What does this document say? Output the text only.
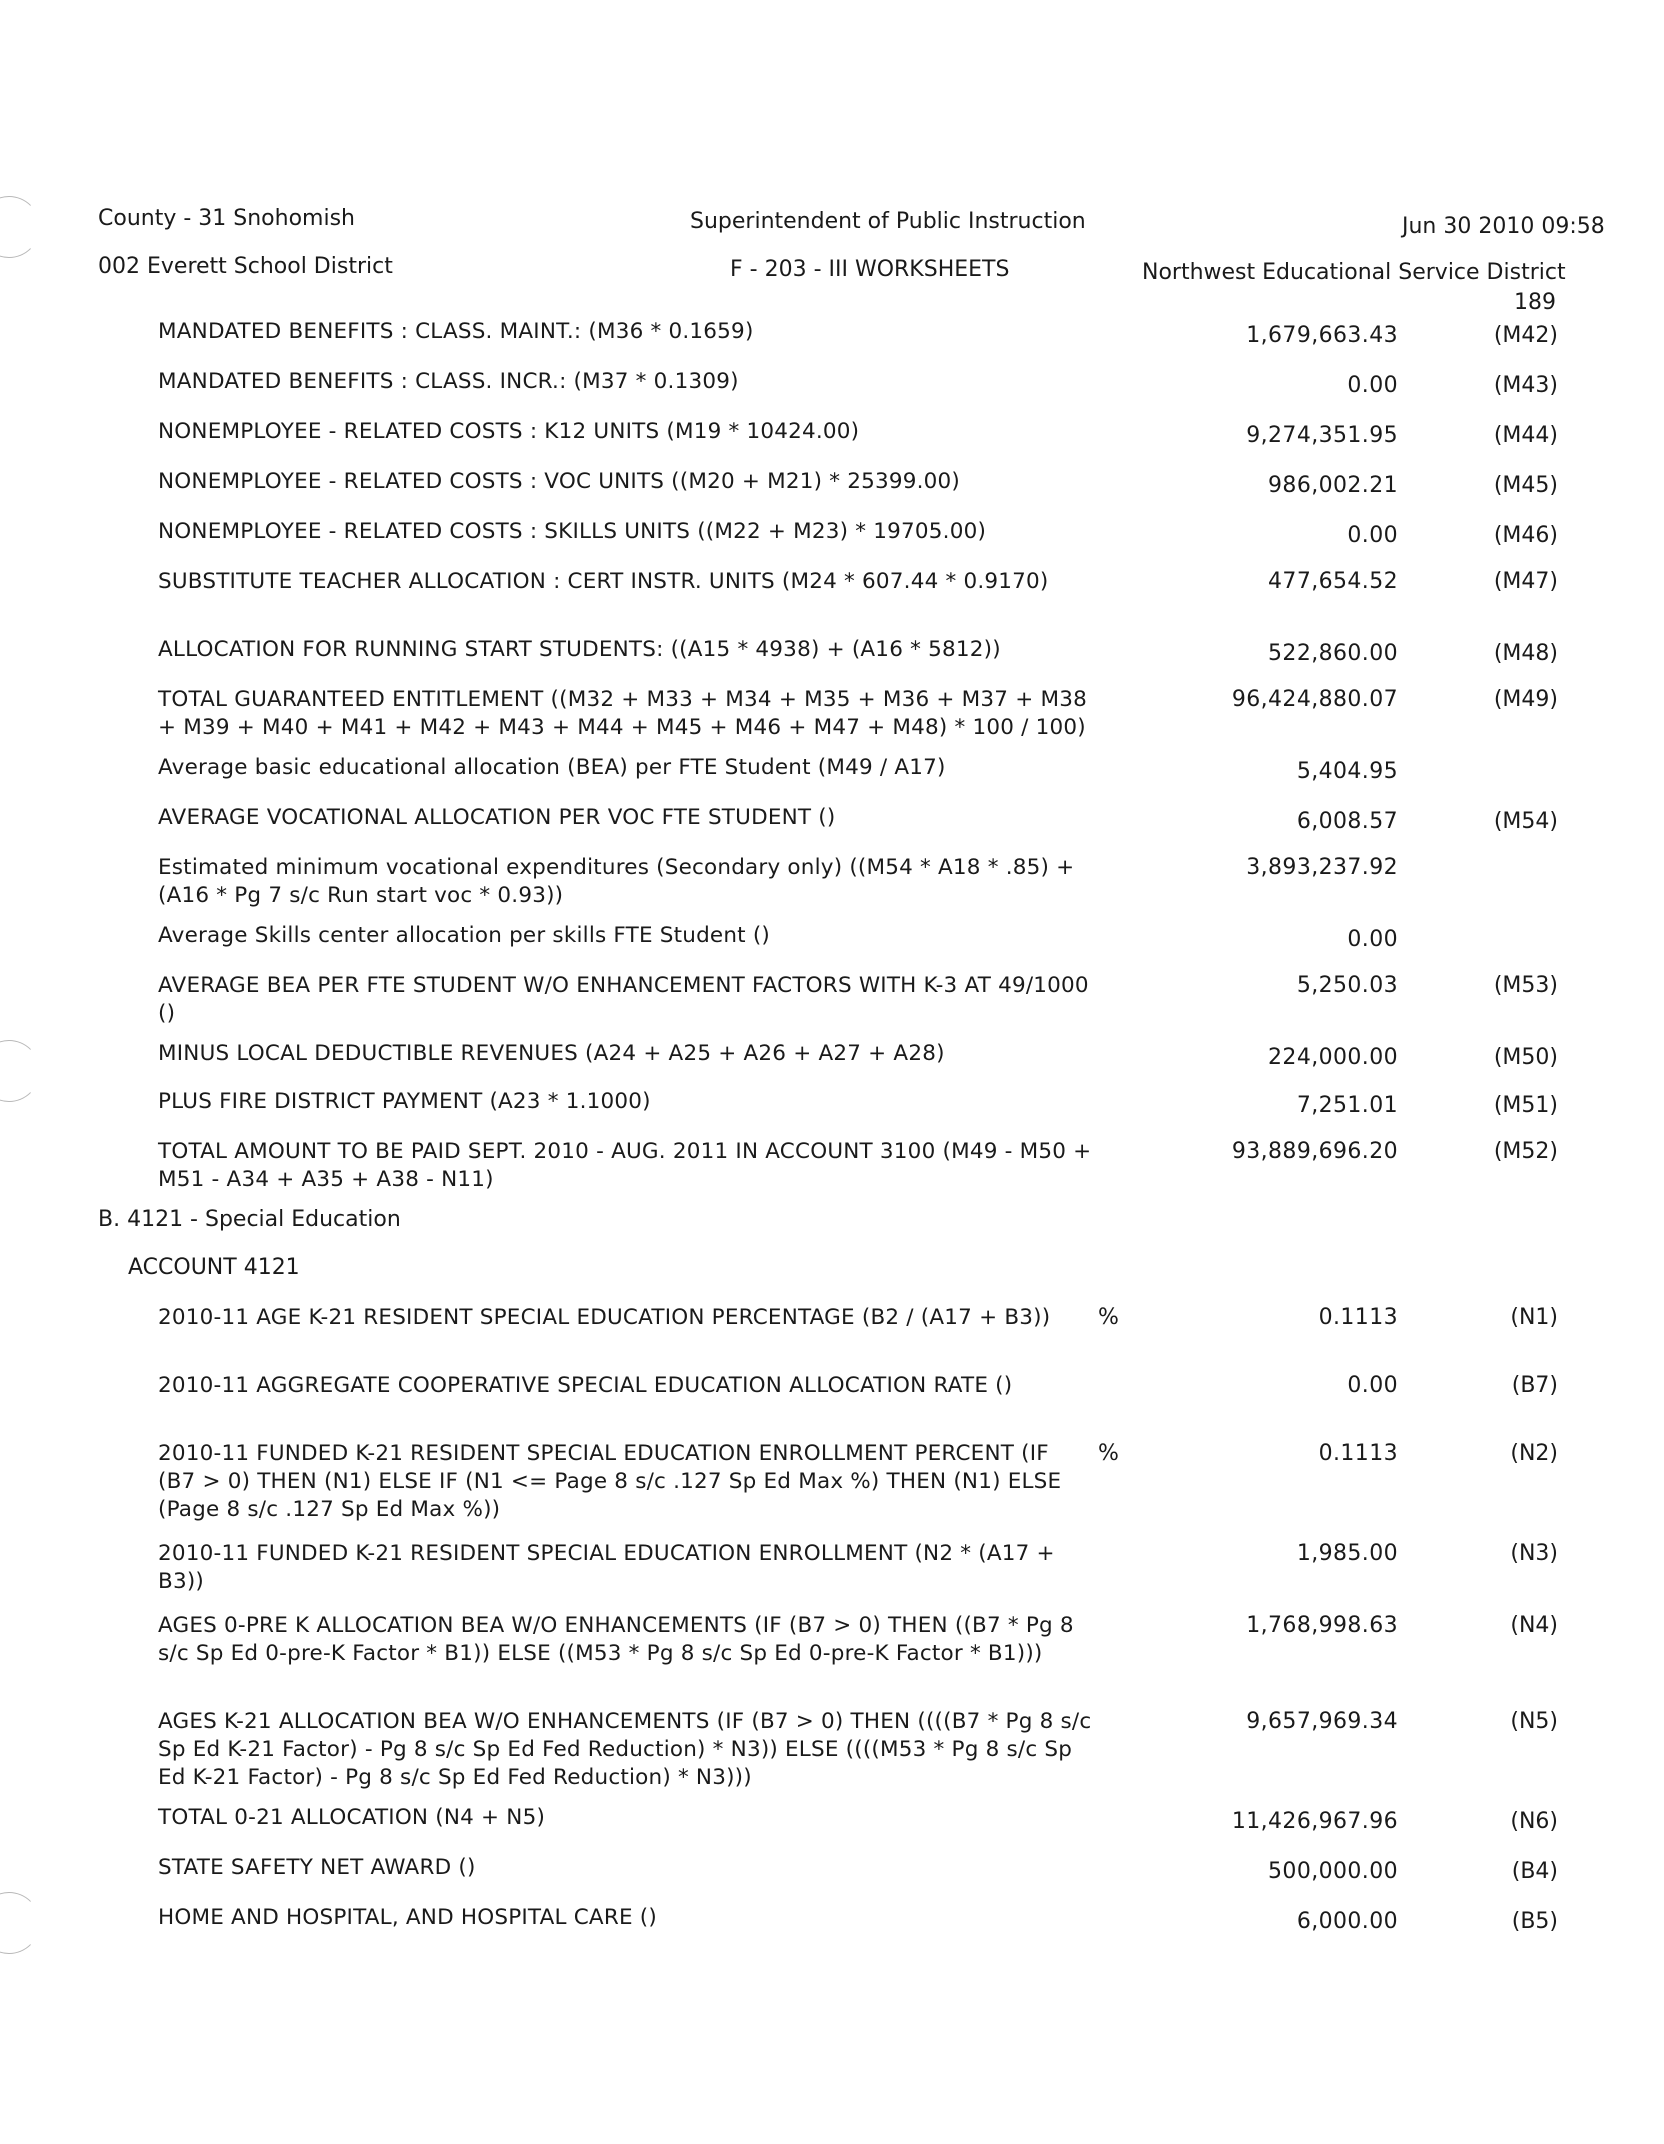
County - 31 Snohomish	Superintendent of Public Instruction	Jun 30 2010 09:58
002 Everett School District	F - 203 - III WORKSHEETS	Northwest Educational Service District
189
MANDATED BENEFITS : CLASS. MAINT.: (M36 * 0.1659)	1,679,663.43	(M42)
MANDATED BENEFITS : CLASS. INCR.: (M37 * 0.1309)	0.00	(M43)
NONEMPLOYEE - RELATED COSTS : K12 UNITS (M19 * 10424.00)	9,274,351.95	(M44)
NONEMPLOYEE - RELATED COSTS : VOC UNITS ((M20 + M21) * 25399.00)	986,002.21	(M45)
NONEMPLOYEE - RELATED COSTS : SKILLS UNITS ((M22 + M23) * 19705.00)	0.00	(M46)
SUBSTITUTE TEACHER ALLOCATION : CERT INSTR. UNITS (M24 * 607.44 * 0.9170)	477,654.52	(M47)
ALLOCATION FOR RUNNING START STUDENTS: ((A15 * 4938) + (A16 * 5812))	522,860.00	(M48)
TOTAL GUARANTEED ENTITLEMENT ((M32 + M33 + M34 + M35 + M36 + M37 + M38 + M39 + M40 + M41 + M42 + M43 + M44 + M45 + M46 + M47 + M48) * 100 / 100)
96,424,880.07	(M49)
Average basic educational allocation (BEA) per FTE Student (M49 / A17)	5,404.95
AVERAGE VOCATIONAL ALLOCATION PER VOC FTE STUDENT ()	6,008.57	(M54)
Estimated minimum vocational expenditures (Secondary only) ((M54 * A18 * .85) + (A16 * Pg 7 s/c Run start voc * 0.93))
3,893,237.92
Average Skills center allocation per skills FTE Student ()	0.00
AVERAGE BEA PER FTE STUDENT W/O ENHANCEMENT FACTORS WITH K-3 AT 49/1000 ()
5,250.03	(M53)
MINUS LOCAL DEDUCTIBLE REVENUES (A24 + A25 + A26 + A27 + A28)	224,000.00	(M50)
PLUS FIRE DISTRICT PAYMENT (A23 * 1.1000)	7,251.01	(M51)
TOTAL AMOUNT TO BE PAID SEPT. 2010 - AUG. 2011 IN ACCOUNT 3100 (M49 - M50 + M51 - A34 + A35 + A38 - N11)
93,889,696.20	(M52)
B. 4121 - Special Education
ACCOUNT 4121
2010-11 AGE K-21 RESIDENT SPECIAL EDUCATION PERCENTAGE (B2 / (A17 + B3))	%	0.1113	(N1)
2010-11 AGGREGATE COOPERATIVE SPECIAL EDUCATION ALLOCATION RATE ()	0.00	(B7)
2010-11 FUNDED K-21 RESIDENT SPECIAL EDUCATION ENROLLMENT PERCENT (IF (B7 > 0) THEN (N1) ELSE IF (N1 <= Page 8 s/c .127 Sp Ed Max %) THEN (N1) ELSE (Page 8 s/c .127 Sp Ed Max %))
%	0.1113	(N2)
2010-11 FUNDED K-21 RESIDENT SPECIAL EDUCATION ENROLLMENT (N2 * (A17 + B3))
1,985.00	(N3)
AGES 0-PRE K ALLOCATION BEA W/O ENHANCEMENTS (IF (B7 > 0) THEN ((B7 * Pg 8 s/c Sp Ed 0-pre-K Factor * B1)) ELSE ((M53 * Pg 8 s/c Sp Ed 0-pre-K Factor * B1)))
1,768,998.63	(N4)
AGES K-21 ALLOCATION BEA W/O ENHANCEMENTS (IF (B7 > 0) THEN ((((B7 * Pg 8 s/c Sp Ed K-21 Factor) - Pg 8 s/c Sp Ed Fed Reduction) * N3)) ELSE ((((M53 * Pg 8 s/c Sp Ed K-21 Factor) - Pg 8 s/c Sp Ed Fed Reduction) * N3)))
9,657,969.34	(N5)
TOTAL 0-21 ALLOCATION (N4 + N5)	11,426,967.96	(N6)
STATE SAFETY NET AWARD ()	500,000.00	(B4)
HOME AND HOSPITAL, AND HOSPITAL CARE ()	6,000.00	(B5)
